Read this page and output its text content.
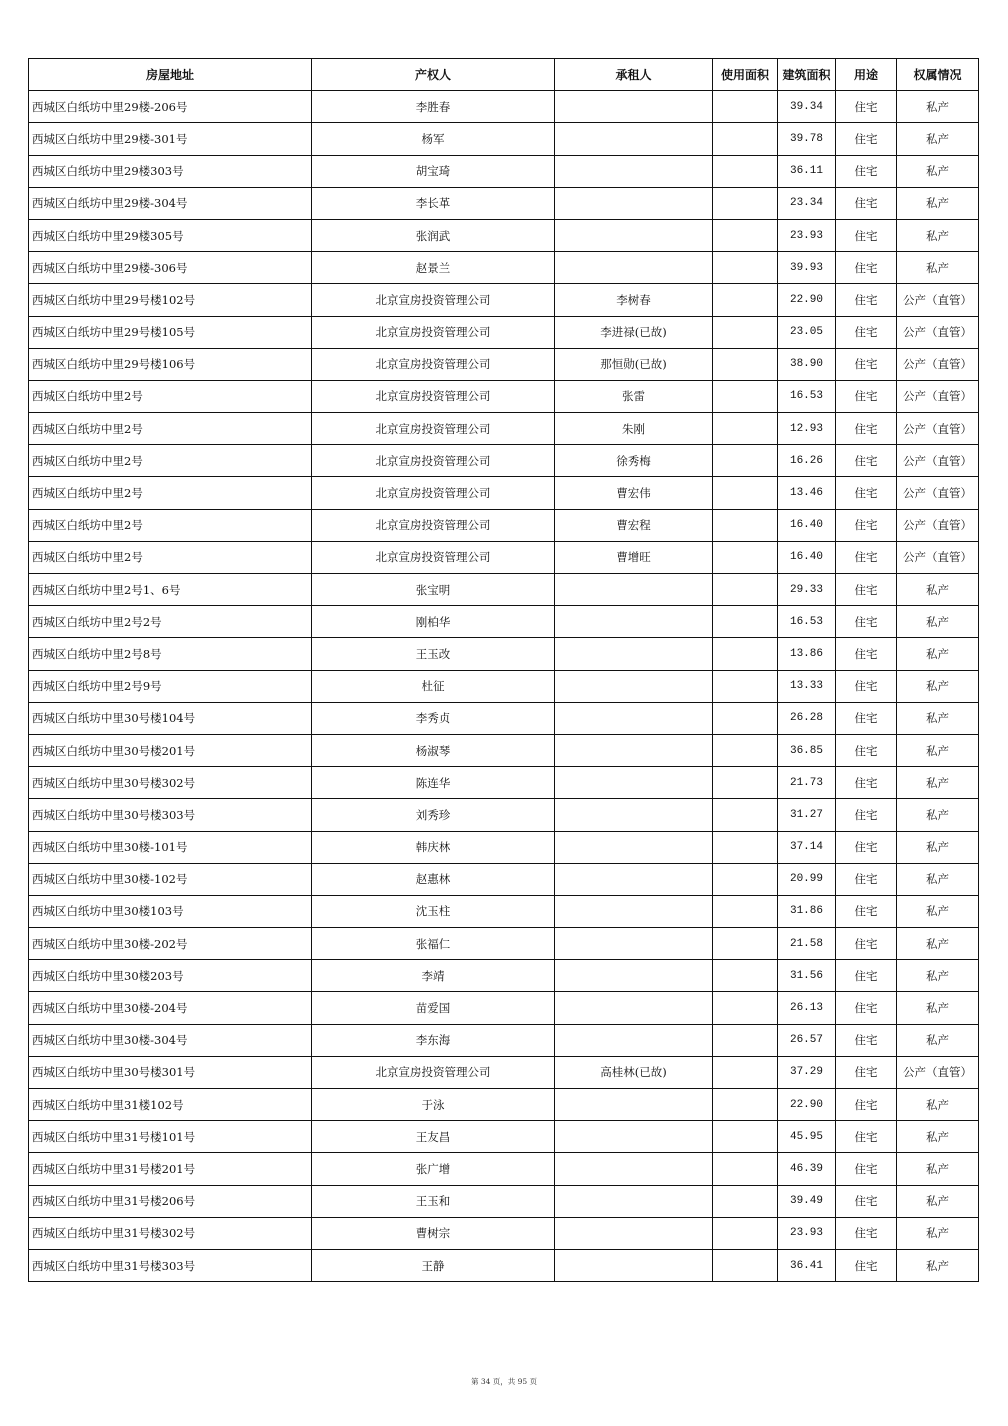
房屋地址	产权人	承租人	使用面积	建筑面积	用途	权属情况
西城区白纸坊中里29楼-206号	李胜春			39.34	住宅	私产
西城区白纸坊中里29楼-301号	杨军			39.78	住宅	私产
西城区白纸坊中里29楼303号	胡宝琦			36.11	住宅	私产
西城区白纸坊中里29楼-304号	李长革			23.34	住宅	私产
西城区白纸坊中里29楼305号	张润武			23.93	住宅	私产
西城区白纸坊中里29楼-306号	赵景兰			39.93	住宅	私产
西城区白纸坊中里29号楼102号	北京宣房投资管理公司	李树春		22.90	住宅	公产（直管）
西城区白纸坊中里29号楼105号	北京宣房投资管理公司	李进禄(已故)		23.05	住宅	公产（直管）
西城区白纸坊中里29号楼106号	北京宣房投资管理公司	那恒勋(已故)		38.90	住宅	公产（直管）
西城区白纸坊中里2号	北京宣房投资管理公司	张雷		16.53	住宅	公产（直管）
西城区白纸坊中里2号	北京宣房投资管理公司	朱刚		12.93	住宅	公产（直管）
西城区白纸坊中里2号	北京宣房投资管理公司	徐秀梅		16.26	住宅	公产（直管）
西城区白纸坊中里2号	北京宣房投资管理公司	曹宏伟		13.46	住宅	公产（直管）
西城区白纸坊中里2号	北京宣房投资管理公司	曹宏程		16.40	住宅	公产（直管）
西城区白纸坊中里2号	北京宣房投资管理公司	曹增旺		16.40	住宅	公产（直管）
西城区白纸坊中里2号1、6号	张宝明			29.33	住宅	私产
西城区白纸坊中里2号2号	刚柏华			16.53	住宅	私产
西城区白纸坊中里2号8号	王玉改			13.86	住宅	私产
西城区白纸坊中里2号9号	杜征			13.33	住宅	私产
西城区白纸坊中里30号楼104号	李秀贞			26.28	住宅	私产
西城区白纸坊中里30号楼201号	杨淑琴			36.85	住宅	私产
西城区白纸坊中里30号楼302号	陈连华			21.73	住宅	私产
西城区白纸坊中里30号楼303号	刘秀珍			31.27	住宅	私产
西城区白纸坊中里30楼-101号	韩庆林			37.14	住宅	私产
西城区白纸坊中里30楼-102号	赵惠林			20.99	住宅	私产
西城区白纸坊中里30楼103号	沈玉柱			31.86	住宅	私产
西城区白纸坊中里30楼-202号	张福仁			21.58	住宅	私产
西城区白纸坊中里30楼203号	李靖			31.56	住宅	私产
西城区白纸坊中里30楼-204号	苗爱国			26.13	住宅	私产
西城区白纸坊中里30楼-304号	李东海			26.57	住宅	私产
西城区白纸坊中里30号楼301号	北京宣房投资管理公司	高桂林(已故)		37.29	住宅	公产（直管）
西城区白纸坊中里31楼102号	于泳			22.90	住宅	私产
西城区白纸坊中里31号楼101号	王友昌			45.95	住宅	私产
西城区白纸坊中里31号楼201号	张广增			46.39	住宅	私产
西城区白纸坊中里31号楼206号	王玉和			39.49	住宅	私产
西城区白纸坊中里31号楼302号	曹树宗			23.93	住宅	私产
西城区白纸坊中里31号楼303号	王静			36.41	住宅	私产
第 34 页，共 95 页
